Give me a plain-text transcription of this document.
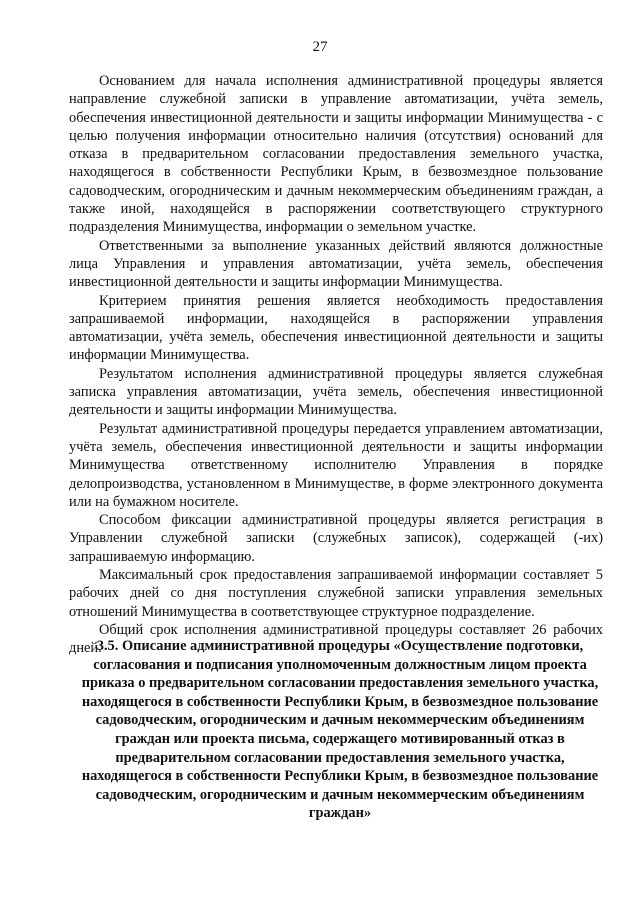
27

Основанием для начала исполнения административной процедуры является направление служебной записки в управление автоматизации, учёта земель, обеспечения инвестиционной деятельности и защиты информации Минимущества - с целью получения информации относительно наличия (отсутствия) оснований для отказа в предварительном согласовании предоставления земельного участка, находящегося в собственности Республики Крым, в безвозмездное пользование садоводческим, огородническим и дачным некоммерческим объединениям граждан, а также иной, находящейся в распоряжении соответствующего структурного подразделения Минимущества, информации о земельном участке.

Ответственными за выполнение указанных действий являются должностные лица Управления и управления автоматизации, учёта земель, обеспечения инвестиционной деятельности и защиты информации Минимущества.

Критерием принятия решения является необходимость предоставления запрашиваемой информации, находящейся в распоряжении управления автоматизации, учёта земель, обеспечения инвестиционной деятельности и защиты информации Минимущества.

Результатом исполнения административной процедуры является служебная записка управления автоматизации, учёта земель, обеспечения инвестиционной деятельности и защиты информации Минимущества.

Результат административной процедуры передается управлением автоматизации, учёта земель, обеспечения инвестиционной деятельности и защиты информации Минимущества ответственному исполнителю Управления в порядке делопроизводства, установленном в Минимуществе, в форме электронного документа или на бумажном носителе.

Способом фиксации административной процедуры является регистрация в Управлении служебной записки (служебных записок), содержащей (-их) запрашиваемую информацию.

Максимальный срок предоставления запрашиваемой информации составляет 5 рабочих дней со дня поступления служебной записки управления земельных отношений Минимущества в соответствующее структурное подразделение.

Общий срок исполнения административной процедуры составляет 26 рабочих дней.

3.5. Описание административной процедуры «Осуществление подготовки, согласования и подписания уполномоченным должностным лицом проекта приказа о предварительном согласовании предоставления земельного участка, находящегося в собственности Республики Крым, в безвозмездное пользование садоводческим, огородническим и дачным некоммерческим объединениям граждан или проекта письма, содержащего мотивированный отказ в предварительном согласовании предоставления земельного участка, находящегося в собственности Республики Крым, в безвозмездное пользование садоводческим, огородническим и дачным некоммерческим объединениям граждан»
